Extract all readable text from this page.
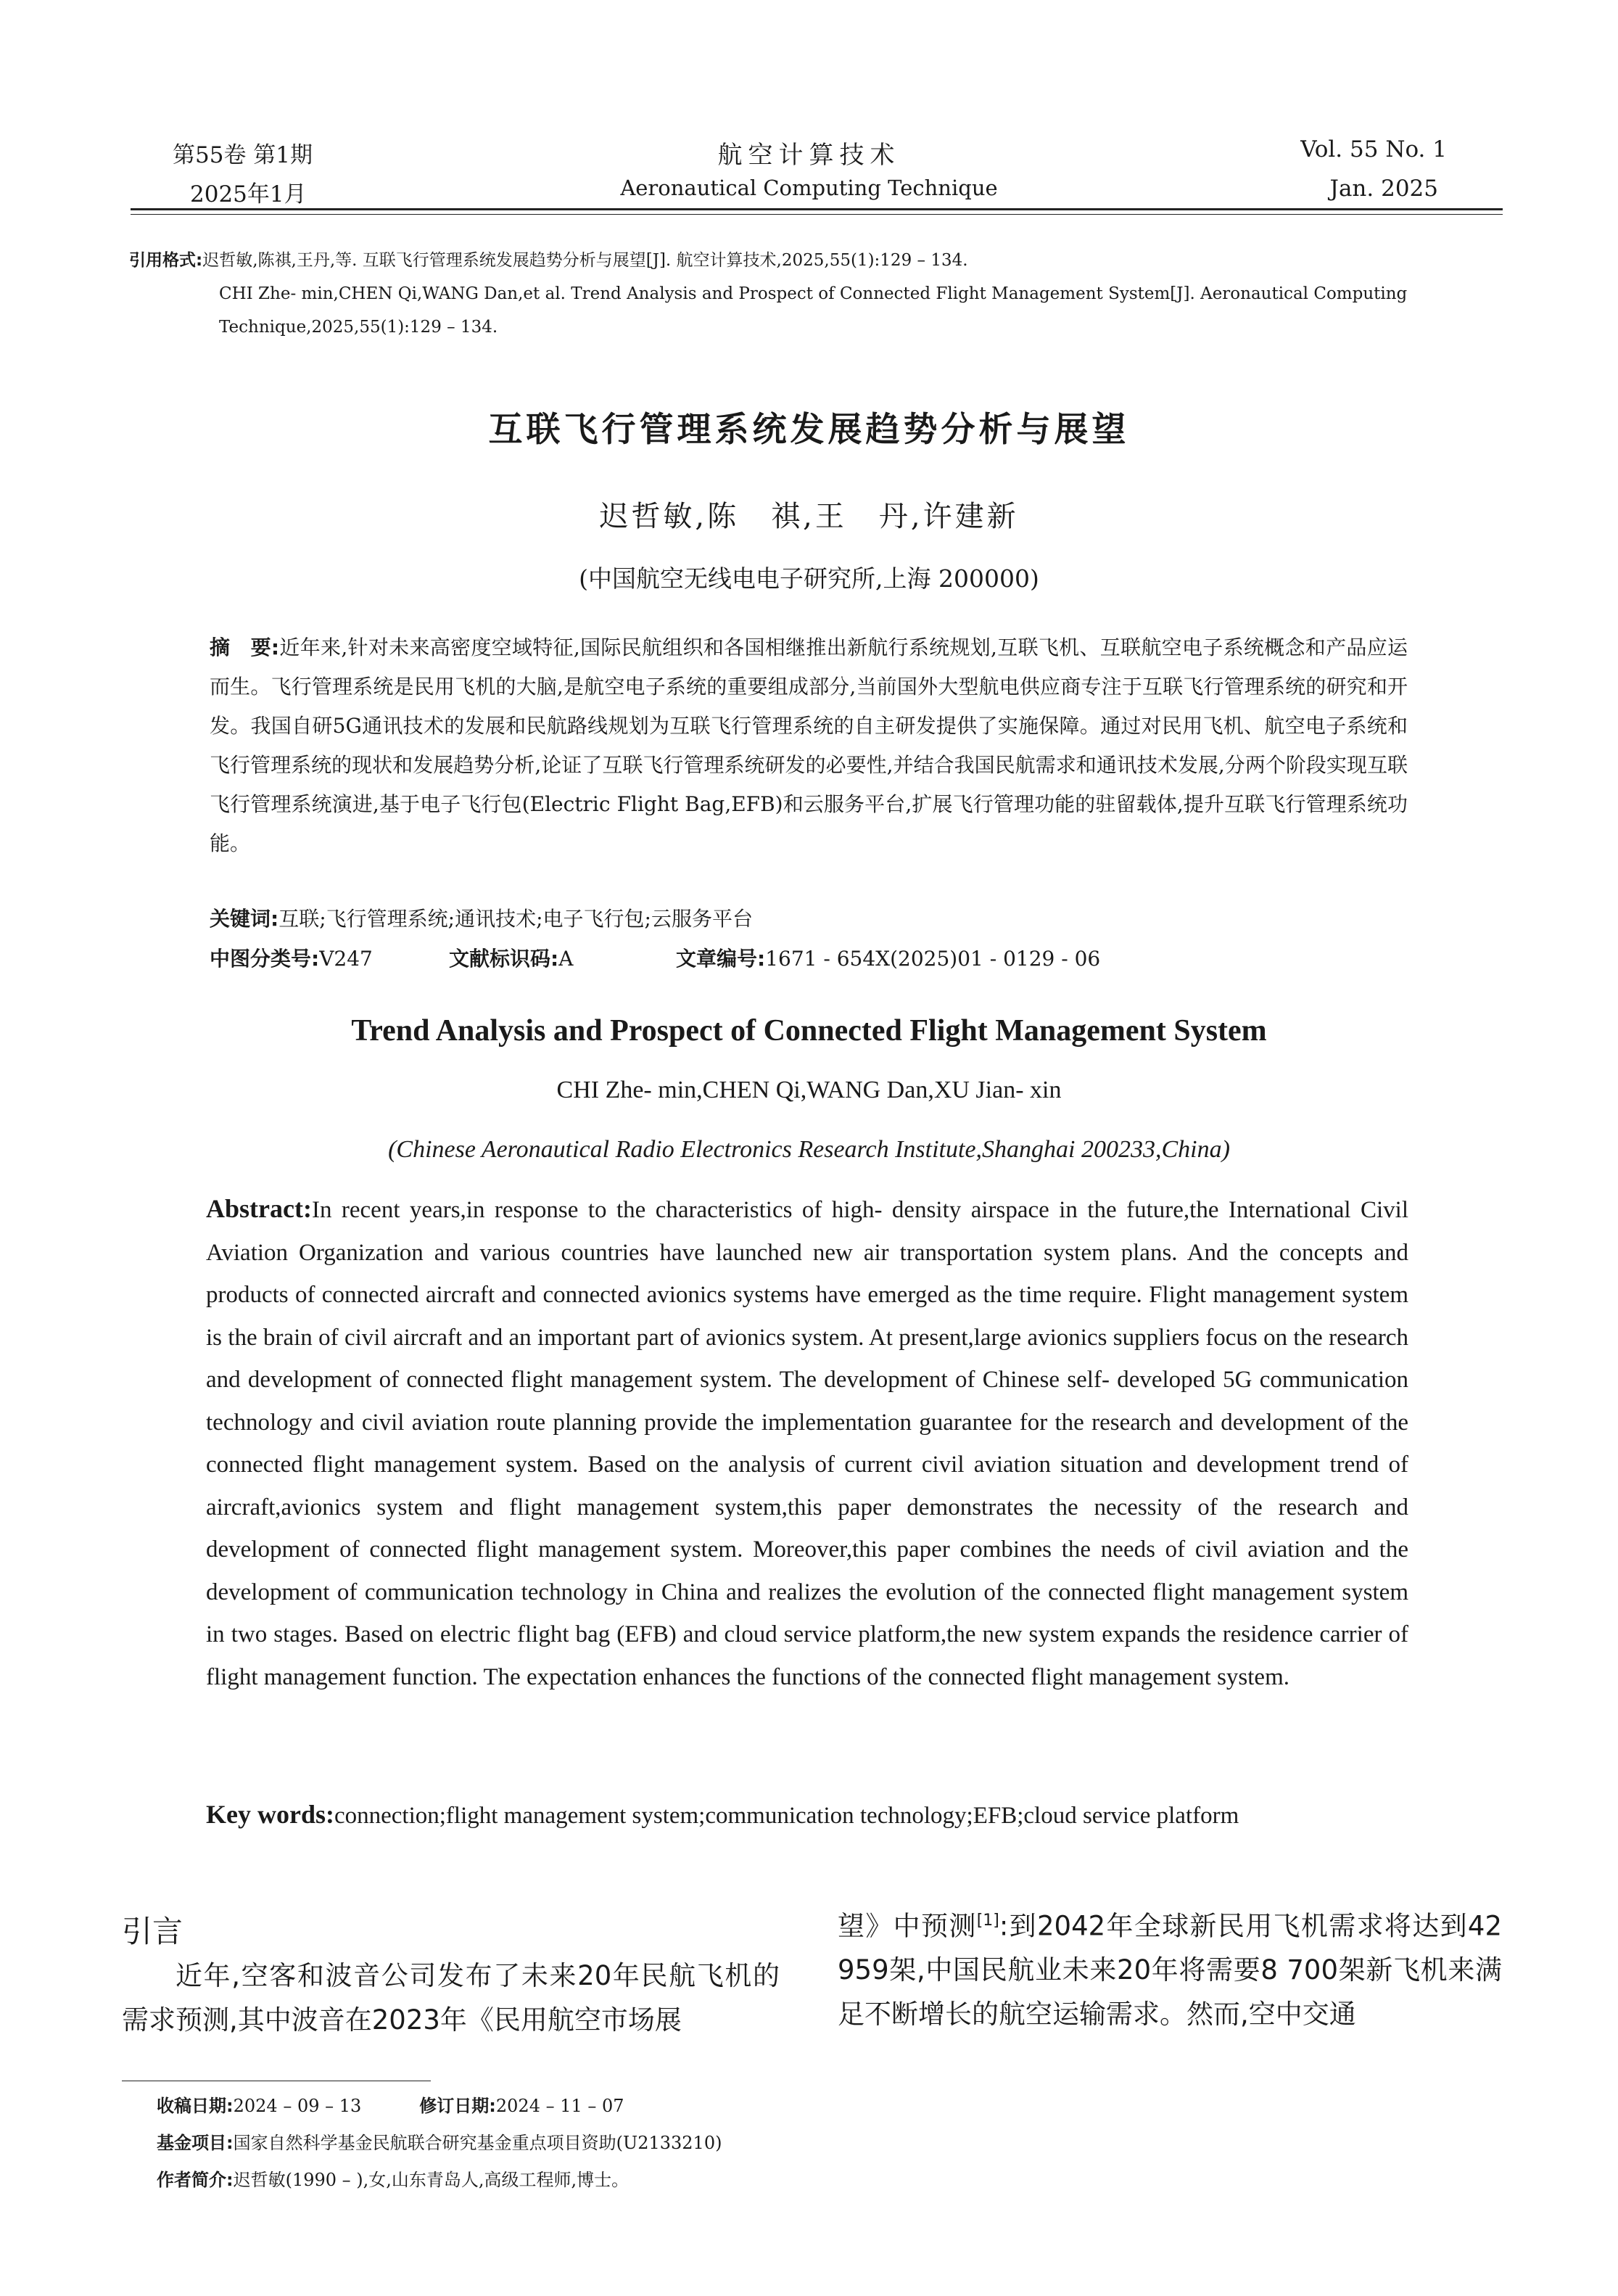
第55卷 第1期
2025年1月
航空计算技术
Aeronautical Computing Technique
Vol. 55 No. 1
Jan. 2025
引用格式:迟哲敏,陈祺,王丹,等. 互联飞行管理系统发展趋势分析与展望[J]. 航空计算技术,2025,55(1):129 – 134.
CHI Zhe- min,CHEN Qi,WANG Dan,et al. Trend Analysis and Prospect of Connected Flight Management System[J]. Aeronautical Computing
Technique,2025,55(1):129 – 134.
互联飞行管理系统发展趋势分析与展望
迟哲敏,陈　祺,王　丹,许建新
(中国航空无线电电子研究所,上海 200000)
摘　要:近年来,针对未来高密度空域特征,国际民航组织和各国相继推出新航行系统规划,互联飞机、互联航空电子系统概念和产品应运而生。飞行管理系统是民用飞机的大脑,是航空电子系统的重要组成部分,当前国外大型航电供应商专注于互联飞行管理系统的研究和开发。我国自研5G通讯技术的发展和民航路线规划为互联飞行管理系统的自主研发提供了实施保障。通过对民用飞机、航空电子系统和飞行管理系统的现状和发展趋势分析,论证了互联飞行管理系统研发的必要性,并结合我国民航需求和通讯技术发展,分两个阶段实现互联飞行管理系统演进,基于电子飞行包(Electric Flight Bag,EFB)和云服务平台,扩展飞行管理功能的驻留载体,提升互联飞行管理系统功能。
关键词:互联;飞行管理系统;通讯技术;电子飞行包;云服务平台
中图分类号:V247	文献标识码:A	文章编号:1671 - 654X(2025)01 - 0129 - 06
Trend Analysis and Prospect of Connected Flight Management System
CHI Zhe- min,CHEN Qi,WANG Dan,XU Jian- xin
(Chinese Aeronautical Radio Electronics Research Institute,Shanghai 200233,China)
Abstract:In recent years,in response to the characteristics of high- density airspace in the future,the International Civil Aviation Organization and various countries have launched new air transportation system plans. And the concepts and products of connected aircraft and connected avionics systems have emerged as the time require. Flight management system is the brain of civil aircraft and an important part of avionics system. At present,large avionics suppliers focus on the research and development of connected flight management system. The development of Chinese self- developed 5G communication technology and civil aviation route planning provide the implementation guarantee for the research and development of the connected flight management system. Based on the analysis of current civil aviation situation and development trend of aircraft,avionics system and flight management system,this paper demonstrates the necessity of the research and development of connected flight management system. Moreover,this paper combines the needs of civil aviation and the development of communication technology in China and realizes the evolution of the connected flight management system in two stages. Based on electric flight bag (EFB) and cloud service platform,the new system expands the residence carrier of flight management function. The expectation enhances the functions of the connected flight management system.
Key words:connection;flight management system;communication technology;EFB;cloud service platform
引言
近年,空客和波音公司发布了未来20年民航飞机的需求预测,其中波音在2023年《民用航空市场展
望》中预测[1]:到2042年全球新民用飞机需求将达到42 959架,中国民航业未来20年将需要8 700架新飞机来满足不断增长的航空运输需求。然而,空中交通
收稿日期:2024 – 09 – 13	修订日期:2024 – 11 – 07
基金项目:国家自然科学基金民航联合研究基金重点项目资助(U2133210)
作者简介:迟哲敏(1990 – ),女,山东青岛人,高级工程师,博士。
